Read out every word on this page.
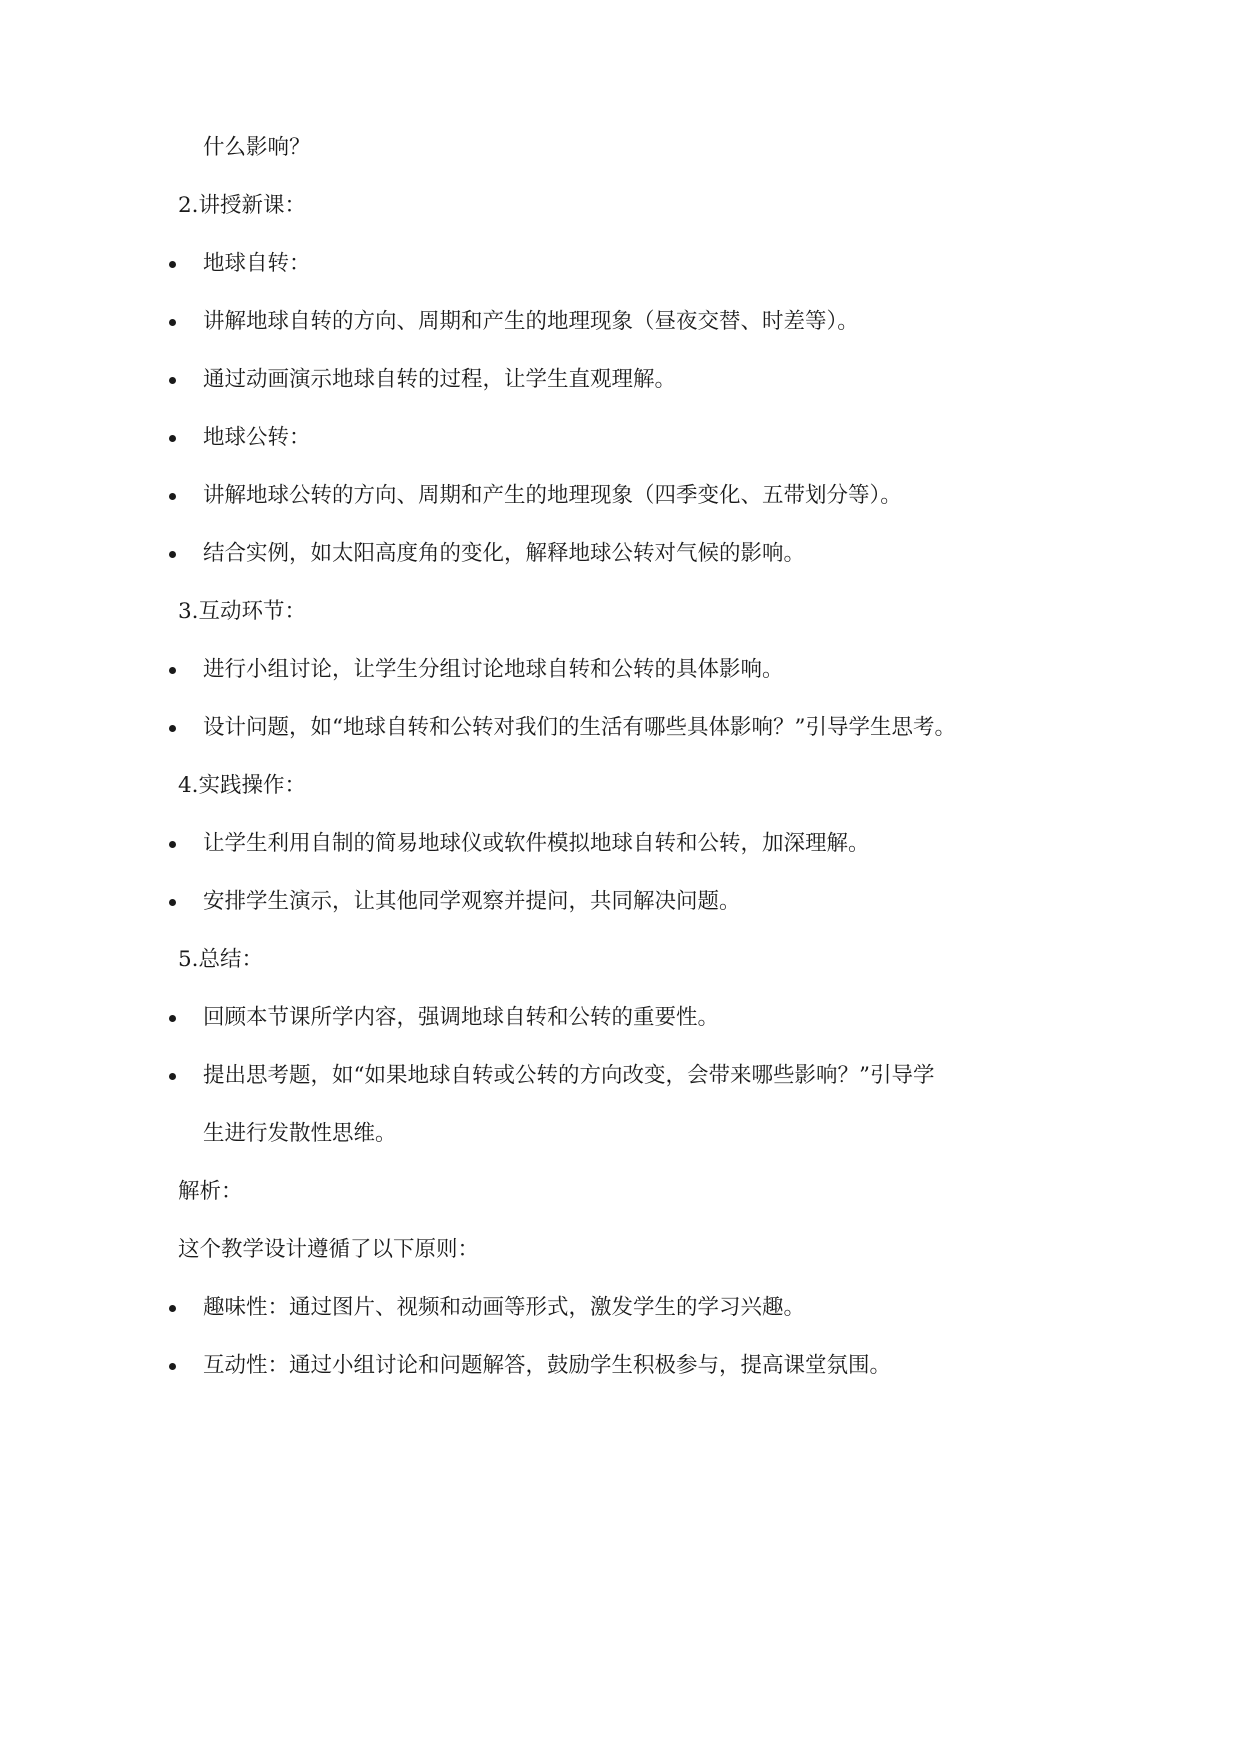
什么影响？
2.讲授新课：
地球自转：
讲解地球自转的方向、周期和产生的地理现象（昼夜交替、时差等）。
通过动画演示地球自转的过程，让学生直观理解。
地球公转：
讲解地球公转的方向、周期和产生的地理现象（四季变化、五带划分等）。
结合实例，如太阳高度角的变化，解释地球公转对气候的影响。
3.互动环节：
进行小组讨论，让学生分组讨论地球自转和公转的具体影响。
设计问题，如“地球自转和公转对我们的生活有哪些具体影响？”引导学生思考。
4.实践操作：
让学生利用自制的简易地球仪或软件模拟地球自转和公转，加深理解。
安排学生演示，让其他同学观察并提问，共同解决问题。
5.总结：
回顾本节课所学内容，强调地球自转和公转的重要性。
提出思考题，如“如果地球自转或公转的方向改变，会带来哪些影响？”引导学
生进行发散性思维。
解析：
这个教学设计遵循了以下原则：
趣味性：通过图片、视频和动画等形式，激发学生的学习兴趣。
互动性：通过小组讨论和问题解答，鼓励学生积极参与，提高课堂氛围。
